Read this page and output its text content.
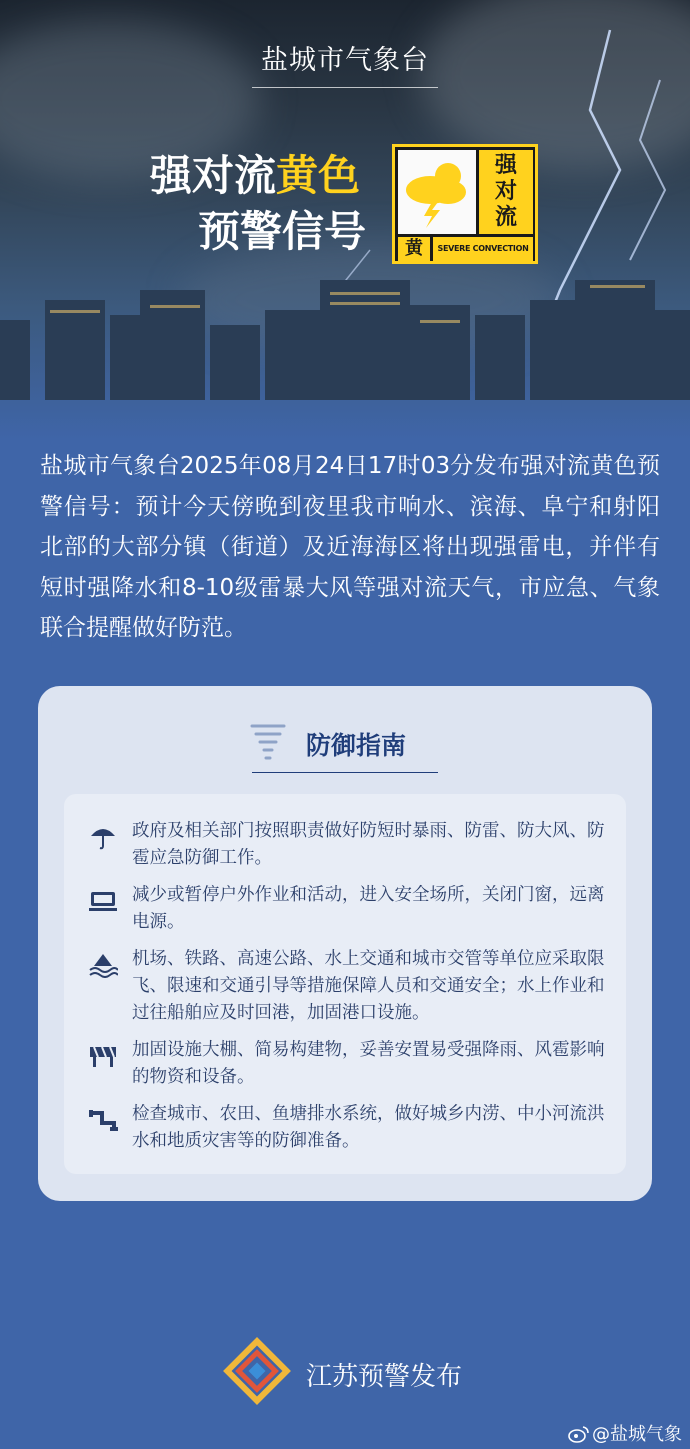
盐城市气象台
强对流黄色
预警信号
强
对
流
黄	SEVERE CONVECTION
盐城市气象台2025年08月24日17时03分发布强对流黄色预警信号：预计今天傍晚到夜里我市响水、滨海、阜宁和射阳北部的大部分镇（街道）及近海海区将出现强雷电，并伴有短时强降水和8-10级雷暴大风等强对流天气，市应急、气象联合提醒做好防范。
防御指南
政府及相关部门按照职责做好防短时暴雨、防雷、防大风、防雹应急防御工作。
减少或暂停户外作业和活动，进入安全场所，关闭门窗，远离电源。
机场、铁路、高速公路、水上交通和城市交管等单位应采取限飞、限速和交通引导等措施保障人员和交通安全；水上作业和过往船舶应及时回港，加固港口设施。
加固设施大棚、简易构建物，妥善安置易受强降雨、风雹影响的物资和设备。
检查城市、农田、鱼塘排水系统，做好城乡内涝、中小河流洪水和地质灾害等的防御准备。
江苏预警发布
@盐城气象
